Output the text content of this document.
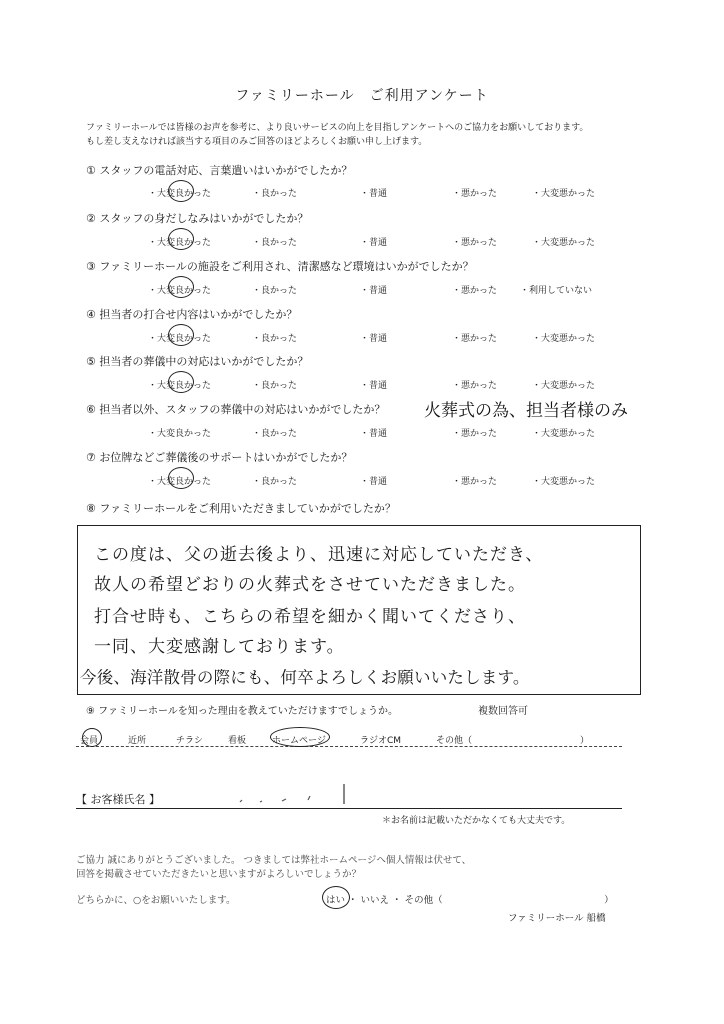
ファミリーホール　ご利用アンケート
ファミリーホールでは皆様のお声を参考に、より良いサービスの向上を目指しアンケートへのご協力をお願いしております。
もし差し支えなければ該当する項目のみご回答のほどよろしくお願い申し上げます。
① スタッフの電話対応、言葉遣いはいかがでしたか？
・ 大変良かった	・ 良かった	・ 普通	・ 悪かった	・ 大変悪かった
② スタッフの身だしなみはいかがでしたか？
・ 大変良かった	・ 良かった	・ 普通	・ 悪かった	・ 大変悪かった
③ ファミリーホールの施設をご利用され、清潔感など環境はいかがでしたか？
・ 大変良かった	・ 良かった	・ 普通	・ 悪かった	・ 利用していない
④ 担当者の打合せ内容はいかがでしたか？
・ 大変良かった	・ 良かった	・ 普通	・ 悪かった	・ 大変悪かった
⑤ 担当者の葬儀中の対応はいかがでしたか？
・ 大変良かった	・ 良かった	・ 普通	・ 悪かった	・ 大変悪かった
⑥ 担当者以外、スタッフの葬儀中の対応はいかがでしたか？ 火葬式の為、担当者様のみ
・ 大変良かった	・ 良かった	・ 普通	・ 悪かった	・ 大変悪かった
⑦ お位牌などご葬儀後のサポートはいかがでしたか？
・ 大変良かった	・ 良かった	・ 普通	・ 悪かった	・ 大変悪かった
⑧ ファミリーホールをご利用いただきましていかがでしたか？
この度は、父の逝去後より、迅速に対応していただき、
故人の希望どおりの火葬式をさせていただきました。
打合せ時も、こちらの希望を細かく聞いてくださり、
一同、大変感謝しております。
今後、海洋散骨の際にも、何卒よろしくお願いいたします。
⑨ ファミリーホールを知った理由を教えていただけますでしょうか。	複数回答可
会員	近所	チラシ	看板	ホームページ	ラジオCM	その他（　　　　　　　　　　　　）
【 お客様氏名 】
＊お名前は記載いただかなくても大丈夫です。
ご協力 誠にありがとうございました。 つきましては弊社ホームページへ個人情報は伏せて、
回答を掲載させていただきたいと思いますがよろしいでしょうか？
どちらかに、○をお願いいたします。	はい ・ いいえ ・ その他（　　　　　　　　　　　　　　　　　）
ファミリーホール 船橋
